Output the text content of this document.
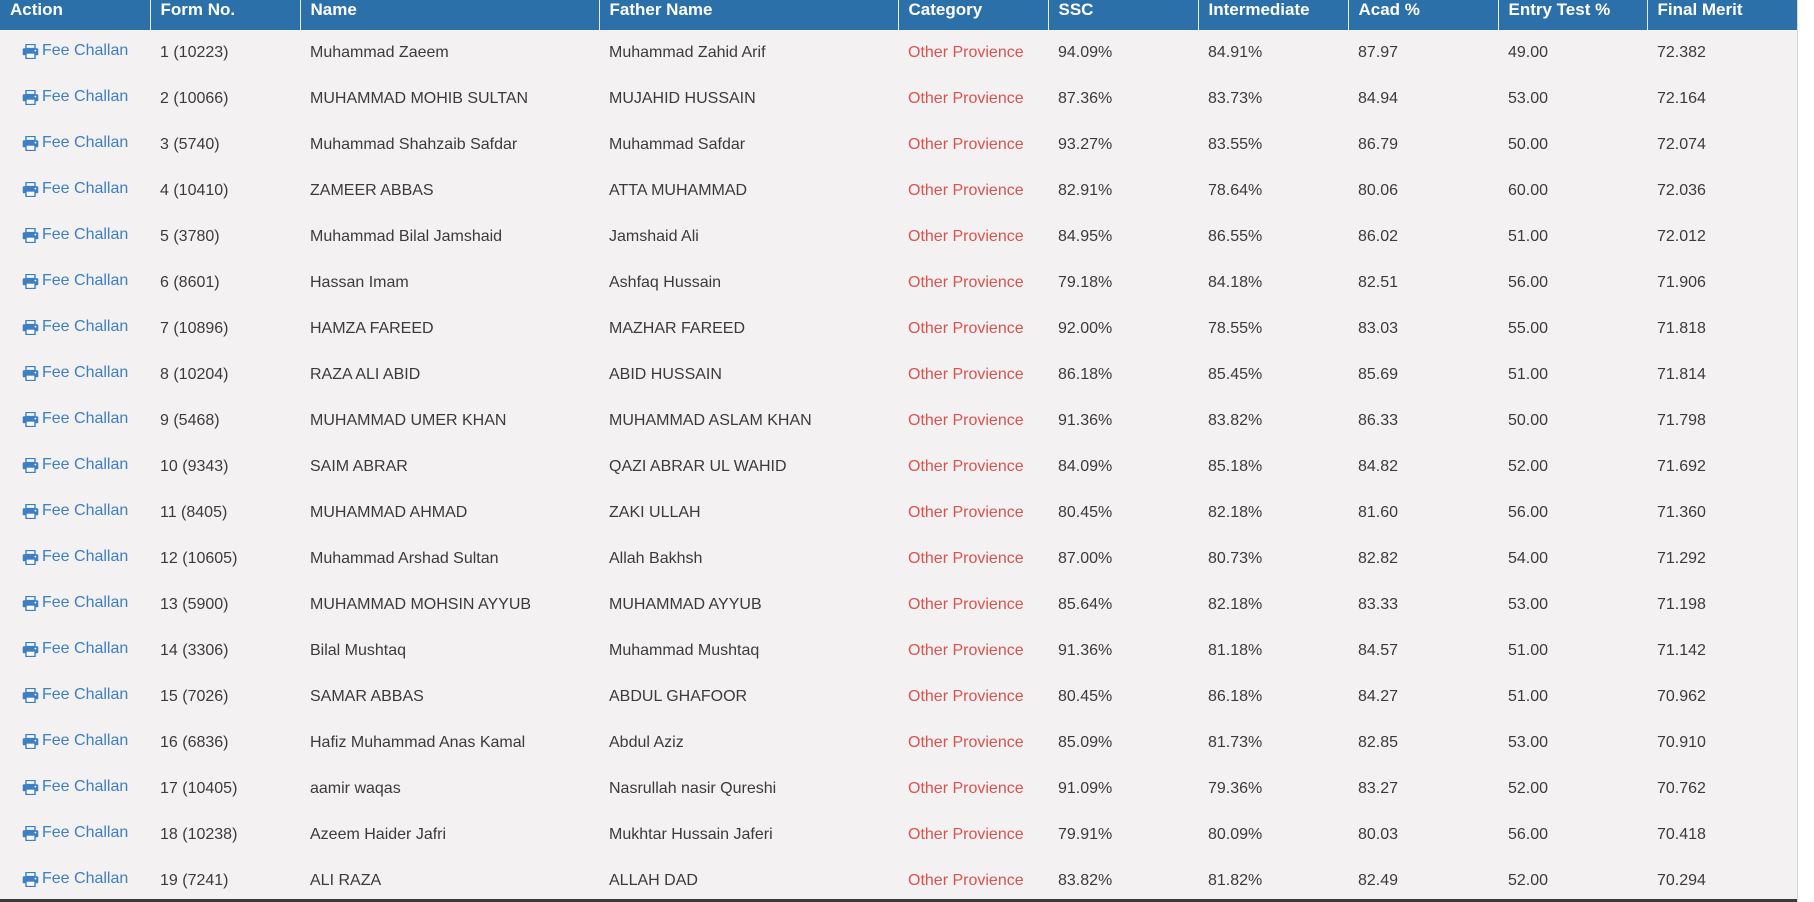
Action	Form No.	Name	Father Name	Category	SSC	Intermediate	Acad %	Entry Test %	Final Merit

Fee Challan	1 (10223)	Muhammad Zaeem	Muhammad Zahid Arif	Other Provience	94.09%	84.91%	87.97	49.00	72.382

Fee Challan	2 (10066)	MUHAMMAD MOHIB SULTAN	MUJAHID HUSSAIN	Other Provience	87.36%	83.73%	84.94	53.00	72.164

Fee Challan	3 (5740)	Muhammad Shahzaib Safdar	Muhammad Safdar	Other Provience	93.27%	83.55%	86.79	50.00	72.074

Fee Challan	4 (10410)	ZAMEER ABBAS	ATTA MUHAMMAD	Other Provience	82.91%	78.64%	80.06	60.00	72.036

Fee Challan	5 (3780)	Muhammad Bilal Jamshaid	Jamshaid Ali	Other Provience	84.95%	86.55%	86.02	51.00	72.012

Fee Challan	6 (8601)	Hassan Imam	Ashfaq Hussain	Other Provience	79.18%	84.18%	82.51	56.00	71.906

Fee Challan	7 (10896)	HAMZA FAREED	MAZHAR FAREED	Other Provience	92.00%	78.55%	83.03	55.00	71.818

Fee Challan	8 (10204)	RAZA ALI ABID	ABID HUSSAIN	Other Provience	86.18%	85.45%	85.69	51.00	71.814

Fee Challan	9 (5468)	MUHAMMAD UMER KHAN	MUHAMMAD ASLAM KHAN	Other Provience	91.36%	83.82%	86.33	50.00	71.798

Fee Challan	10 (9343)	SAIM ABRAR	QAZI ABRAR UL WAHID	Other Provience	84.09%	85.18%	84.82	52.00	71.692

Fee Challan	11 (8405)	MUHAMMAD AHMAD	ZAKI ULLAH	Other Provience	80.45%	82.18%	81.60	56.00	71.360

Fee Challan	12 (10605)	Muhammad Arshad Sultan	Allah Bakhsh	Other Provience	87.00%	80.73%	82.82	54.00	71.292

Fee Challan	13 (5900)	MUHAMMAD MOHSIN AYYUB	MUHAMMAD AYYUB	Other Provience	85.64%	82.18%	83.33	53.00	71.198

Fee Challan	14 (3306)	Bilal Mushtaq	Muhammad Mushtaq	Other Provience	91.36%	81.18%	84.57	51.00	71.142

Fee Challan	15 (7026)	SAMAR ABBAS	ABDUL GHAFOOR	Other Provience	80.45%	86.18%	84.27	51.00	70.962

Fee Challan	16 (6836)	Hafiz Muhammad Anas Kamal	Abdul Aziz	Other Provience	85.09%	81.73%	82.85	53.00	70.910

Fee Challan	17 (10405)	aamir waqas	Nasrullah nasir Qureshi	Other Provience	91.09%	79.36%	83.27	52.00	70.762

Fee Challan	18 (10238)	Azeem Haider Jafri	Mukhtar Hussain Jaferi	Other Provience	79.91%	80.09%	80.03	56.00	70.418

Fee Challan	19 (7241)	ALI RAZA	ALLAH DAD	Other Provience	83.82%	81.82%	82.49	52.00	70.294
